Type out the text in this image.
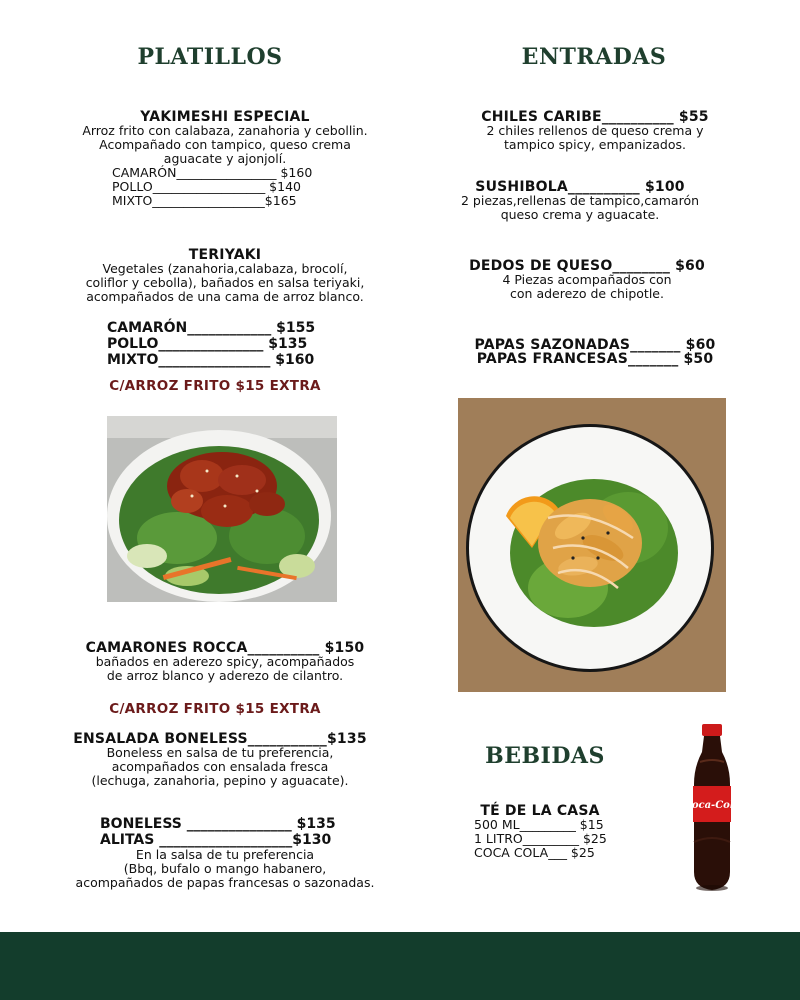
PLATILLOS
YAKIMESHI ESPECIAL
Arroz frito con calabaza, zanahoria y cebollin.
Acompañado con tampico, queso crema
aguacate y ajonjolí.
CAMARÓN________________ $160
POLLO__________________ $140
MIXTO__________________$165
TERIYAKI
Vegetales (zanahoria,calabaza, brocolí,
coliflor y cebolla), bañados en salsa teriyaki,
acompañados de una cama de arroz blanco.
CAMARÓN____________ $155
POLLO_______________ $135
MIXTO________________ $160
C/ARROZ FRITO $15 EXTRA
CAMARONES ROCCA__________ $150
bañados en aderezo spicy, acompañados
de arroz blanco y aderezo de cilantro.
C/ARROZ FRITO $15 EXTRA
ENSALADA BONELESS___________$135
Boneless en salsa de tu preferencia,
acompañados con ensalada fresca
(lechuga, zanahoria, pepino y aguacate).
BONELESS _______________ $135
ALITAS ___________________$130
En la salsa de tu preferencia
(Bbq, bufalo o mango habanero,
acompañados de papas francesas o sazonadas.
ENTRADAS
CHILES CARIBE__________ $55
2 chiles rellenos de queso crema y
tampico spicy, empanizados.
SUSHIBOLA__________ $100
2 piezas,rellenas de tampico,camarón
queso crema y aguacate.
DEDOS DE QUESO________ $60
4 Piezas acompañados con
con aderezo de chipotle.
PAPAS SAZONADAS_______ $60
PAPAS FRANCESAS_______ $50
BEBIDAS
TÉ DE LA CASA
500 ML_________ $15
1 LITRO_________ $25
COCA COLA___ $25
Coca-Cola
